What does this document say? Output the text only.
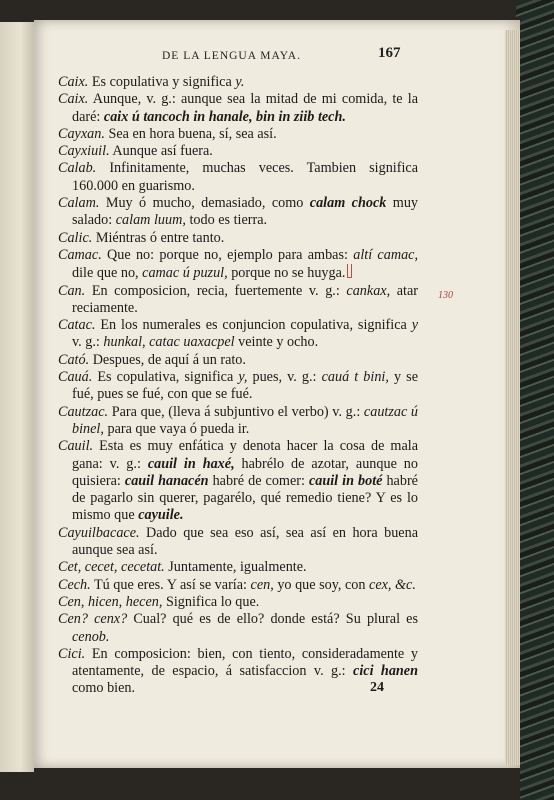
DE LA LENGUA MAYA.	167
Caix. Es copulativa y significa y.
Caix. Aunque, v. g.: aunque sea la mitad de mi comida, te la daré: caix ú tancoch in hanale, bin in ziib tech.
Cayxan. Sea en hora buena, sí, sea así.
Cayxiuil. Aunque así fuera.
Calab. Infinitamente, muchas veces. Tambien significa 160.000 en guarismo.
Calam. Muy ó mucho, demasiado, como calam chock muy salado: calam luum, todo es tierra.
Calic. Miéntras ó entre tanto.
Camac. Que no: porque no, ejemplo para ambas: altí camac, dile que no, camac ú puzul, porque no se huyga.
Can. En composicion, recia, fuertemente v. g.: cankax, atar reciamente.
Catac. En los numerales es conjuncion copulativa, significa y v. g.: hunkal, catac uaxacpel veinte y ocho.
Cató. Despues, de aquí á un rato.
Cauá. Es copulativa, significa y, pues, v. g.: cauá t bini, y se fué, pues se fué, con que se fué.
Cautzac. Para que, (lleva á subjuntivo el verbo) v. g.: cautzac ú binel, para que vaya ó pueda ir.
Cauil. Esta es muy enfática y denota hacer la cosa de mala gana: v. g.: cauil in haxé, habrélo de azotar, aunque no quisiera: cauil hanacén habré de comer: cauil in boté habré de pagarlo sin querer, pagarélo, qué remedio tiene? Y es lo mismo que cayuile.
Cayuilbacace. Dado que sea eso así, sea así en hora buena aunque sea así.
Cet, cecet, cecetat. Juntamente, igualmente.
Cech. Tú que eres. Y así se varía: cen, yo que soy, con cex, &c.
Cen, hicen, hecen, Significa lo que.
Cen? cenx? Cual? qué es de ello? donde está? Su plural es cenob.
Cici. En composicion: bien, con tiento, consideradamente y atentamente, de espacio, á satisfaccion v. g.: cici hanen como bien.
130
24
